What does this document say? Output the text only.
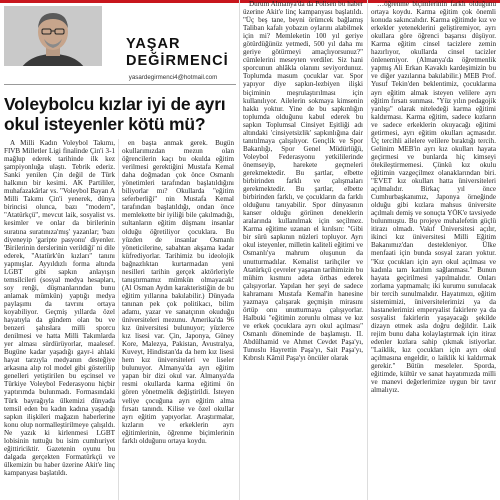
YAŞAR
DEĞİRMENCİ
yasardegirmenci4@hotmail.com
Voleybolcu kızlar iyi de ayrı okul isteyenler kötü mü?

A Milli Kadın Voleybol Takımı, FIVB Milletler Ligi finalinde Çin'i 3-1 mağlup ederek tarihinde ilk kez şampiyonluğa ulaştı. Tebrik ederiz. Sanki yenilen Çin değil de Türk halkının bir kesimi. AK Partililer, muhafazakârlar vs. "Voleybol Bayan A Milli Takımı Çin'i yenerek, dünya birincisi olunca, bazı "modern", "Atatürkçü", mevcut laik, sosyalist vs. kesimler ve onlar da birilerinin suratına suratınıza'mış' yazanlar; 'bazı diyeneyip 'garipte pasyonu' diyenler. 'Birilerinin derslerinin verildiği' ni dile ederek, "Atatürk'ün kızları" tanını yapmışlar. Ayyıldızlı forma altında LGBT gibi sapkın anlayışın temsilcileri (sosyal medya hesapları, soy renği, düşmanlarından bunu anlamak mümkün) yaptığı medya paylaşımı da tavrını ortaya koyabiliyor. Geçmiş yıllarda özel hayatıyla da gündem olan bu ve benzeri şahıslara milli sporcu denilmesi ve hatta Milli Takımlarda yer alması sürdürüyorlar, maalesef. Bugüne kadar yaşadığı gayr-i ahlaki hayat tarzıyla medyanın desteğiye arkasına alıp rol model gibi gösterilip genelleri yetiştirilen bu eşcinsel ve Türkiye Voleybol Federasyonu hiçbir yaptırımda bulunmadı. Formasındaki Türk bayrağıyla ülkemizi dünyada temsil eden bu kadın kadına yaşadığı sapkın ilişkileri mağazın haberlerine konu olup normalleştirilmeye çalışıldı. Ne yazık ki kirlenmesi LGBT lobisinin tuttuğu bu isim cumhuriyet eğittiriciktir. Gazetenin oyunu bu dalgada gerçekten Formatürkçü ve ülkemizin bu haber üzerine Akit'e linç kampanyası başlatıldı.

en başta anmak gerek. Bugün okullarımızdan mezun olan öğrencilerin kaçı bu okulda eğitim verilmesi gerektiğini Mustafa Kemal daha doğmadan çok önce Osmanlı yönetimleri tarafından başlatıldığını biliyorlar mı? Okullarda "eğitim seferberliği" nin Mustafa Kemal tarafından başlatıldığı, ondan önce memlekette bir iyiliği bile çakılmadığı, sultanların eğitim düşmanı insanlar olduğu öğretiliyor çocuklara. Bu yüzden de insanlar Osmanlı yöneticilerine, sabahtan akşama kadar küfrediyorlar. Tarihimiz bu ideolojik bağnazlıktan kurtarmadan yeni nesilleri tarihin gerçek aktörleriyle tanıştırmamız mümkün olmayacak! (Al Osman Aydın karakteristiğin de bu eğitim yıllarına bakılabilir.) Dünyada tanınan pek çok politikacı, bilim adamı, yazar ve sanatçının okuduğu üniversiteleri mezunu. Amerika'da 96 kız üniversitesi bulunuyor; yüzlerce kız lisesi var. Çin, Japonya, Güney Kore, Malezya, Pakistan, Avustralya, Kuveyt, Hindistan'da da hem kız lisesi hem kız üniversiteleri ve liseler bulunuyor. Almanya'da ayrı eğitim yapan bir dizi okul var. Almanya'da resmi okullarda karma eğitimi ön gören yönetmelik değiştirildi. İsteyen veliye çocuğuna ayrı eğitim alma fırsatı tanındı. Kilise ve özel okullar ayrı eğitim yapıyorlar. Araştırmalar, kızların ve erkeklerin ayrı eğitimlerinin, öğrenme biçimlerinin farklı olduğunu ortaya koydu.

Durum Almanya'da da Polisen bu haber üzerine Akit'e linç kampanyası başlatıldı. "Üç beş tane, beyni örümcek bağlamış Taliban kafalı yobazın oylarını alabilmek için mi? Memleketin 100 yıl geriye götürdüğünüz yetmedi, 500 yıl daha mı geriye götürmeyi amaçlıyorsunuz?" cümlelerini meseyten verdiler. Siz hani sporcunun ahlâkla olanını seviyordunuz. Toplumda masum çocuklar var. Spor yapıyor diye sapkın-lezbiyen ilişki biçiminin meşrulaştırılması için kullanılıyor. Ailelerin sokmaya kimsenin hakkı yoktur. Yine de bu sapkınlığın toplumda olduğunu kabul ederek bu sapkın Toplumsal Cinsiyet Eşitliği adı altındaki 'cinsiyetsizlik' sapkınlığına dair tanıtılmaya çalışılıyor. Gençlik ve Spor Bakanlığı, Spor Genel Müdürlüğü, Voleybol Federasyonu yetkililerinde önemseyip, harekete geçmeleri gerekmektedir. Bu şartlar, elbette birbirinden farklı ve çalışmaları gerekmektedir. Bu şartlar, elbette birbirinden farklı, ve çocukların da farklı olduğunu tanıyabilir. Spor dünyasının kanser olduğu görünen deneklerin aralarında kullanılmak için seçilmez. Karma eğitime uzanan el kırılsın: "Gibi bir sürü sapkının nüzleri topluyor. Ayrı okul isteyenler, milletin kaliteli eğitimi ve Osmanlı'ya mahrum oluşunun da unutturmadılar. Kemalist tarihçiler ve Atatürkçü çevreler yaşanan tarihimizin bu mühim kısmını adeta örtbas ederek çalışıyorlar. Yapılan her şeyi de sadece kahramanı Mustafa Kemal'in hanesine yazmaya çalışarak geçmişin mirasını örtüp onu unutturmaya çalışıyorlar. Halbuki "eğitimin zorunlu olması ve kız ve erkek çocuklara ayrı okul açılması" Osmanlı döneminde de başlamıştı. II. Abdülhamid ve Ahmet Cevdet Paşa'yı, Tunuslu Hayrettin Paşa'yı, Sait Paşa'yı, Kıbrıslı Kâmil Paşa'yı öncüler olarak

…öğrenme biçimlerinin farklı olduğunu ortaya koydu. Karma eğitim çok önemli konuda sakıncalıdır. Karma eğitimde kız ve erkekler yeteneklerini geliştiremiyor, ayrı okullara göre öğrenci başarısı düşüyor. Karma eğitim cinsel tacizlere zemin hazırlıyor, okullarda cinsel tacizler önlenemiyor. (Almanya'da öğretmenlik yapmış Ali Erkan Kavaklı kardeşimizin bu ve diğer yazılarına bakılabilir.) MEB Prof. Yusuf Tekin'den beklentimiz, çocuklarına ayrı eğitim almak isteyen velilere ayrı eğitim fırsatı sunması. "Yüz yılın pedagojik yanlışı" olarak niteledeği karma eğitimi kaldırması. Karma eğitim, sadece kızların ve sadece erkeklerin okuyacağı eğitimi getirmesi, ayrı eğitim okulları açmasıdır. Üç tercihli ailelere velilere bıraktığı tercih. Gelinim MEB'in ayrı kız okulları hayata geçirmesi ve bunlarda hiç kimseyi ötekileştirmemesi. Çünkü kız okulu eğitimin vazgeçilmez olanaklarından biri. "EVET kız okulları hatta üniversiteleri açılmalıdır. Birkaç yıl önce Cumhurbaşkanımız, Japonya örneğinde olduğu gibi kızlara mahsus üniversite açılmalı demiş ve sonuçta YÖK'e tavsiyede bulunmuştu. Bu projeye muhalefetin güçlü itirazı olmadı. Vakıf Üniversitesi açılır, ikinci kız üniversitesi Milli Eğitim Bakanımız'dan destekleniyor. Ülke menfaati için bunda sosyal zararı yoktur. "Kız çocukları için ayrı okul açılması ve kadınla tam katılım sağlanması." Bunun hayata geçirilmesi yapılmalıdır. Onları zorlama yapmamalı; iki kurumu sunulacak bir tercih sunulmalıdır. Hayatımızı, eğitim sistemimizi, üniversitelerimizi ya da hastanelerimizi emperyalist fakirlere ya da sosyalist fakirlerin yaşayacağı şekilde dizayn etmek asla doğru değildir. Laik rejim bunu daha kolaylaştırmak için itiraz edenler kızlara sahip çıkmak istiyorlar. "Laiklik, kız çocukları için ayrı okul açılmasına engeldir, o laiklik ki kaldırmak gerekir." Bütün meseleler. Sporda, eğitimde, kültür ve sanat hayatımızda milli ve manevi değerlerimize uygun bir tavır almalıyız.
